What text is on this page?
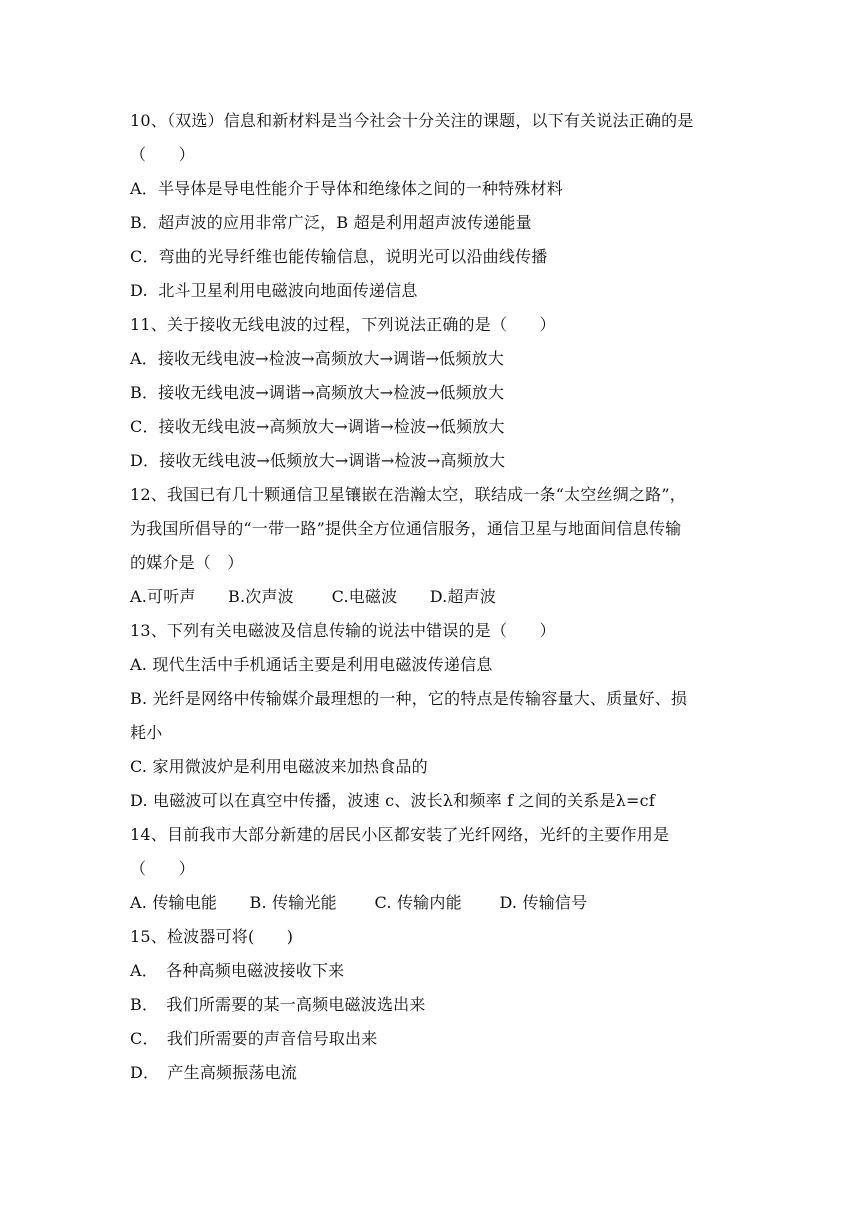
10、（双选）信息和新材料是当今社会十分关注的课题，以下有关说法正确的是
（　　）
A．半导体是导电性能介于导体和绝缘体之间的一种特殊材料
B．超声波的应用非常广泛，B 超是利用超声波传递能量
C．弯曲的光导纤维也能传输信息，说明光可以沿曲线传播
D.  北斗卫星利用电磁波向地面传递信息
11、关于接收无线电波的过程，下列说法正确的是（　　）
A．接收无线电波→检波→高频放大→调谐→低频放大
B．接收无线电波→调谐→高频放大→检波→低频放大
C．接收无线电波→高频放大→调谐→检波→低频放大
D．接收无线电波→低频放大→调谐→检波→高频放大
12、我国已有几十颗通信卫星镶嵌在浩瀚太空，联结成一条“太空丝绸之路”，
为我国所倡导的“一带一路”提供全方位通信服务，通信卫星与地面间信息传输
的媒介是（　）
A.可听声　　B.次声波　　 C.电磁波　　D.超声波
13、下列有关电磁波及信息传输的说法中错误的是（　　）
A. 现代生活中手机通话主要是利用电磁波传递信息
B. 光纤是网络中传输媒介最理想的一种，它的特点是传输容量大、质量好、损
耗小
C. 家用微波炉是利用电磁波来加热食品的
D. 电磁波可以在真空中传播，波速 c、波长λ和频率 f 之间的关系是λ=cf
14、目前我市大部分新建的居民小区都安装了光纤网络，光纤的主要作用是
（　　）
A. 传输电能　　B. 传输光能　　 C. 传输内能　　 D. 传输信号
15、检波器可将(　　)
A．　各种高频电磁波接收下来
B．　我们所需要的某一高频电磁波选出来
C．　我们所需要的声音信号取出来
D．　产生高频振荡电流
